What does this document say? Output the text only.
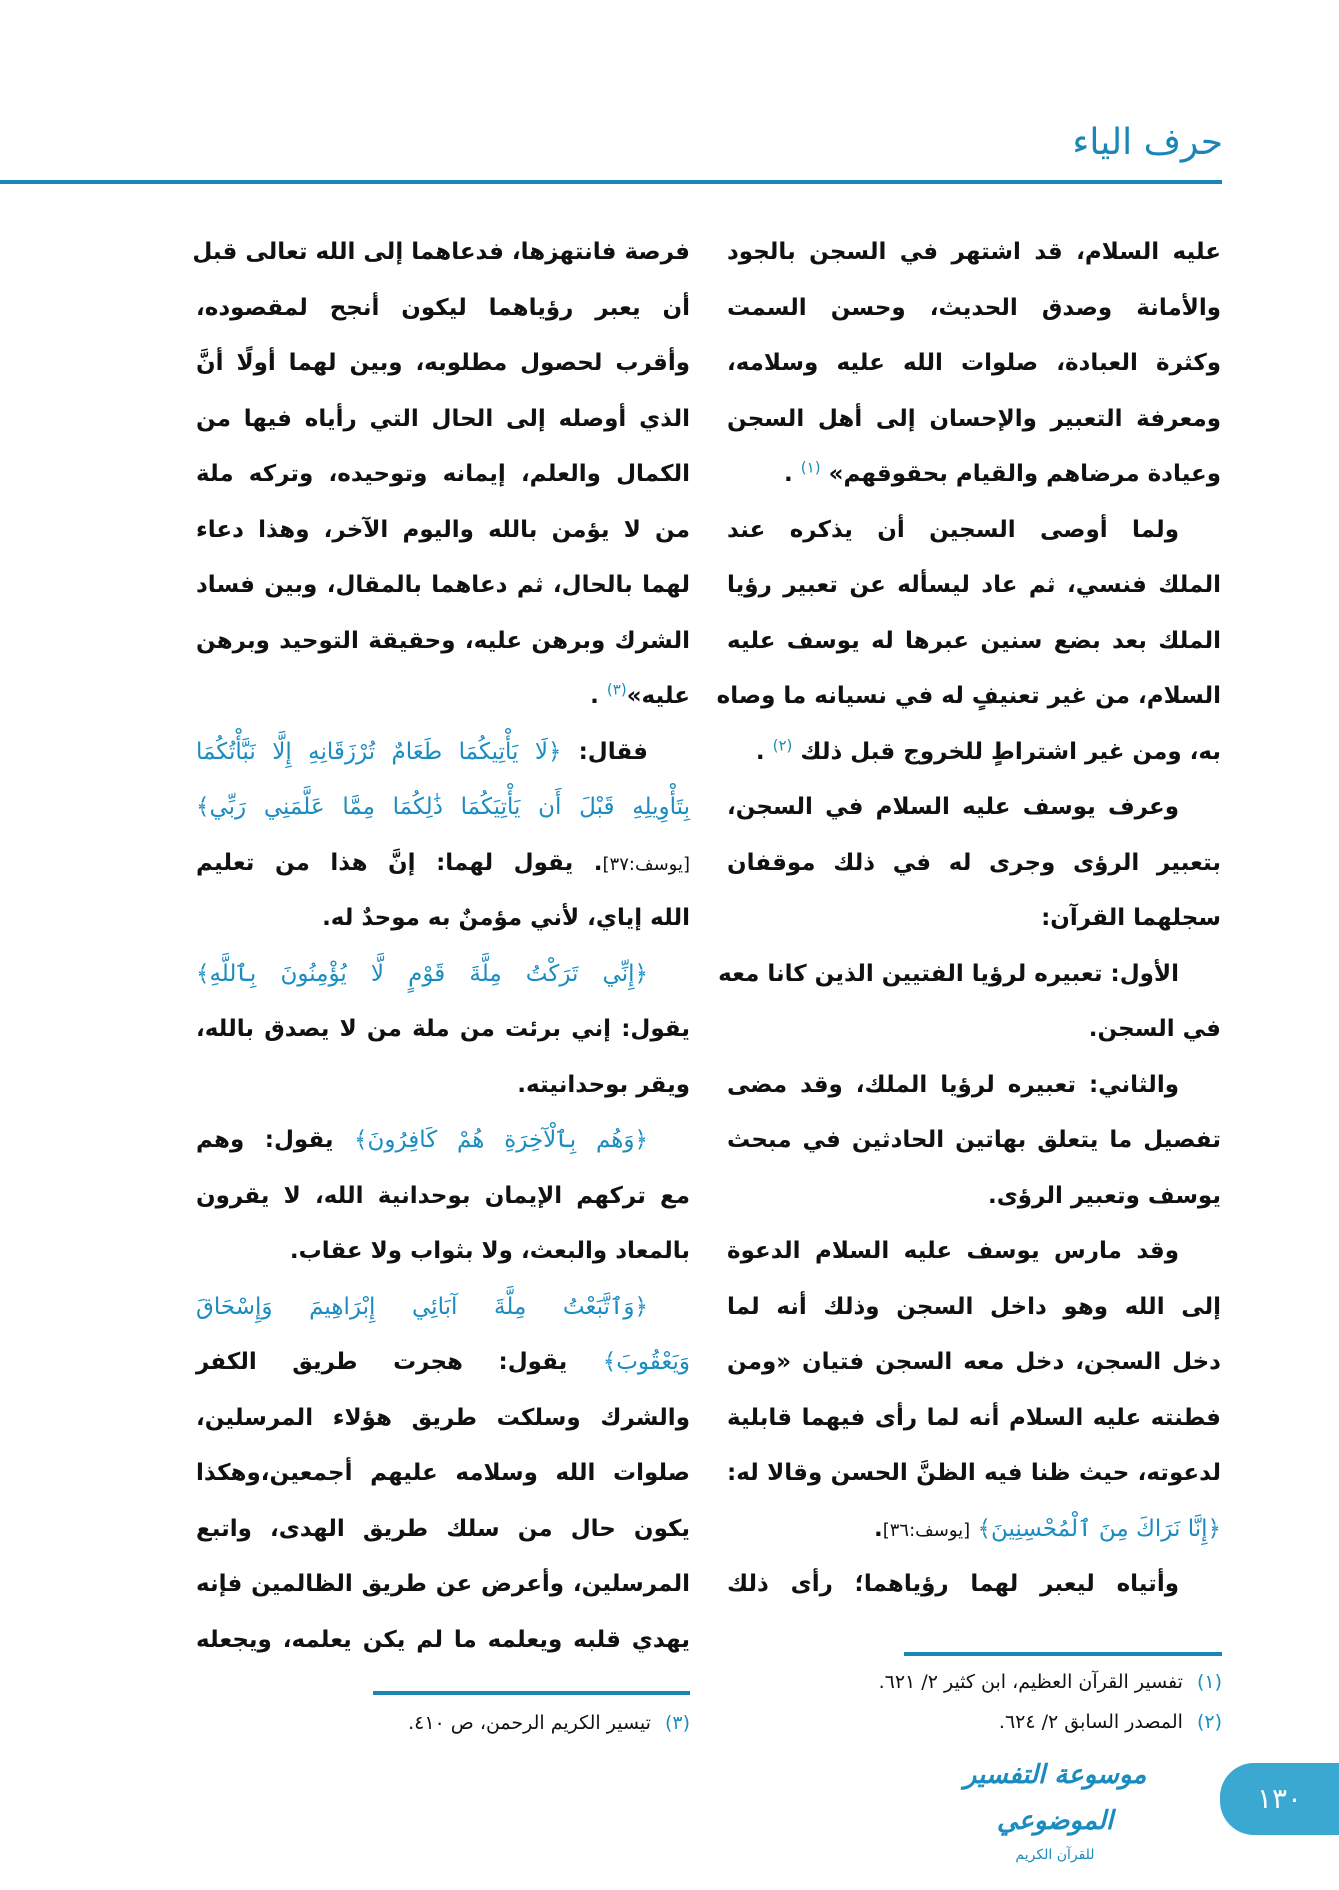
حرف الياء
عليه السلام، قد اشتهر في السجن بالجود
والأمانة وصدق الحديث، وحسن السمت
وكثرة العبادة، صلوات الله عليه وسلامه،
ومعرفة التعبير والإحسان إلى أهل السجن
وعيادة مرضاهم والقيام بحقوقهم» $^{(١)}$ .
ولما أوصى السجين أن يذكره عند
الملك فنسي، ثم عاد ليسأله عن تعبير رؤيا
الملك بعد بضع سنين عبرها له يوسف عليه
السلام، من غير تعنيفٍ له في نسيانه ما وصاه
به، ومن غير اشتراطٍ للخروج قبل ذلك $^{(٢)}$ .
وعرف يوسف عليه السلام في السجن،
بتعبير الرؤى وجرى له في ذلك موقفان
سجلهما القرآن:
الأول: تعبيره لرؤيا الفتيين الذين كانا معه
في السجن.
والثاني: تعبيره لرؤيا الملك، وقد مضى
تفصيل ما يتعلق بهاتين الحادثين في مبحث
يوسف وتعبير الرؤى.
وقد مارس يوسف عليه السلام الدعوة
إلى الله وهو داخل السجن وذلك أنه لما
دخل السجن، دخل معه السجن فتيان «ومن
فطنته عليه السلام أنه لما رأى فيهما قابلية
لدعوته، حيث ظنا فيه الظنَّ الحسن وقالا له:
﴿إِنَّا نَرَاكَ مِنَ ٱلْمُحْسِنِينَ﴾ [يوسف:٣٦].
وأتياه ليعبر لهما رؤياهما؛ رأى ذلك
فرصة فانتهزها، فدعاهما إلى الله تعالى قبل
أن يعبر رؤياهما ليكون أنجح لمقصوده،
وأقرب لحصول مطلوبه، وبين لهما أولًا أنَّ
الذي أوصله إلى الحال التي رأياه فيها من
الكمال والعلم، إيمانه وتوحيده، وتركه ملة
من لا يؤمن بالله واليوم الآخر، وهذا دعاء
لهما بالحال، ثم دعاهما بالمقال، وبين فساد
الشرك وبرهن عليه، وحقيقة التوحيد وبرهن
عليه»$^{(٣)}$ .
فقال: ﴿لَا يَأْتِيكُمَا طَعَامٌ تُرْزَقَانِهِ إِلَّا نَبَّأْتُكُمَا
بِتَأْوِيلِهِ قَبْلَ أَن يَأْتِيَكُمَا ذَٰلِكُمَا مِمَّا عَلَّمَنِي رَبِّي﴾
[يوسف:٣٧]. يقول لهما: إنَّ هذا من تعليم
الله إياي، لأني مؤمنٌ به موحدٌ له.
﴿إِنِّي تَرَكْتُ مِلَّةَ قَوْمٍ لَّا يُؤْمِنُونَ بِٱللَّهِ﴾
يقول: إني برئت من ملة من لا يصدق بالله،
ويقر بوحدانيته.
﴿وَهُم بِٱلْآخِرَةِ هُمْ كَافِرُونَ﴾ يقول: وهم
مع تركهم الإيمان بوحدانية الله، لا يقرون
بالمعاد والبعث، ولا بثواب ولا عقاب.
﴿وَٱتَّبَعْتُ مِلَّةَ آبَائِي إِبْرَاهِيمَ وَإِسْحَاقَ
وَيَعْقُوبَ﴾ يقول: هجرت طريق الكفر
والشرك وسلكت طريق هؤلاء المرسلين،
صلوات الله وسلامه عليهم أجمعين،وهكذا
يكون حال من سلك طريق الهدى، واتبع
المرسلين، وأعرض عن طريق الظالمين فإنه
يهدي قلبه ويعلمه ما لم يكن يعلمه، ويجعله
(١)تفسير القرآن العظيم، ابن كثير ٢/ ٦٢١.
(٢)المصدر السابق ٢/ ٦٢٤.
(٣)تيسير الكريم الرحمن، ص ٤١٠.
موسوعة التفسير الموضوعي
للقرآن الكريم
١٣٠
